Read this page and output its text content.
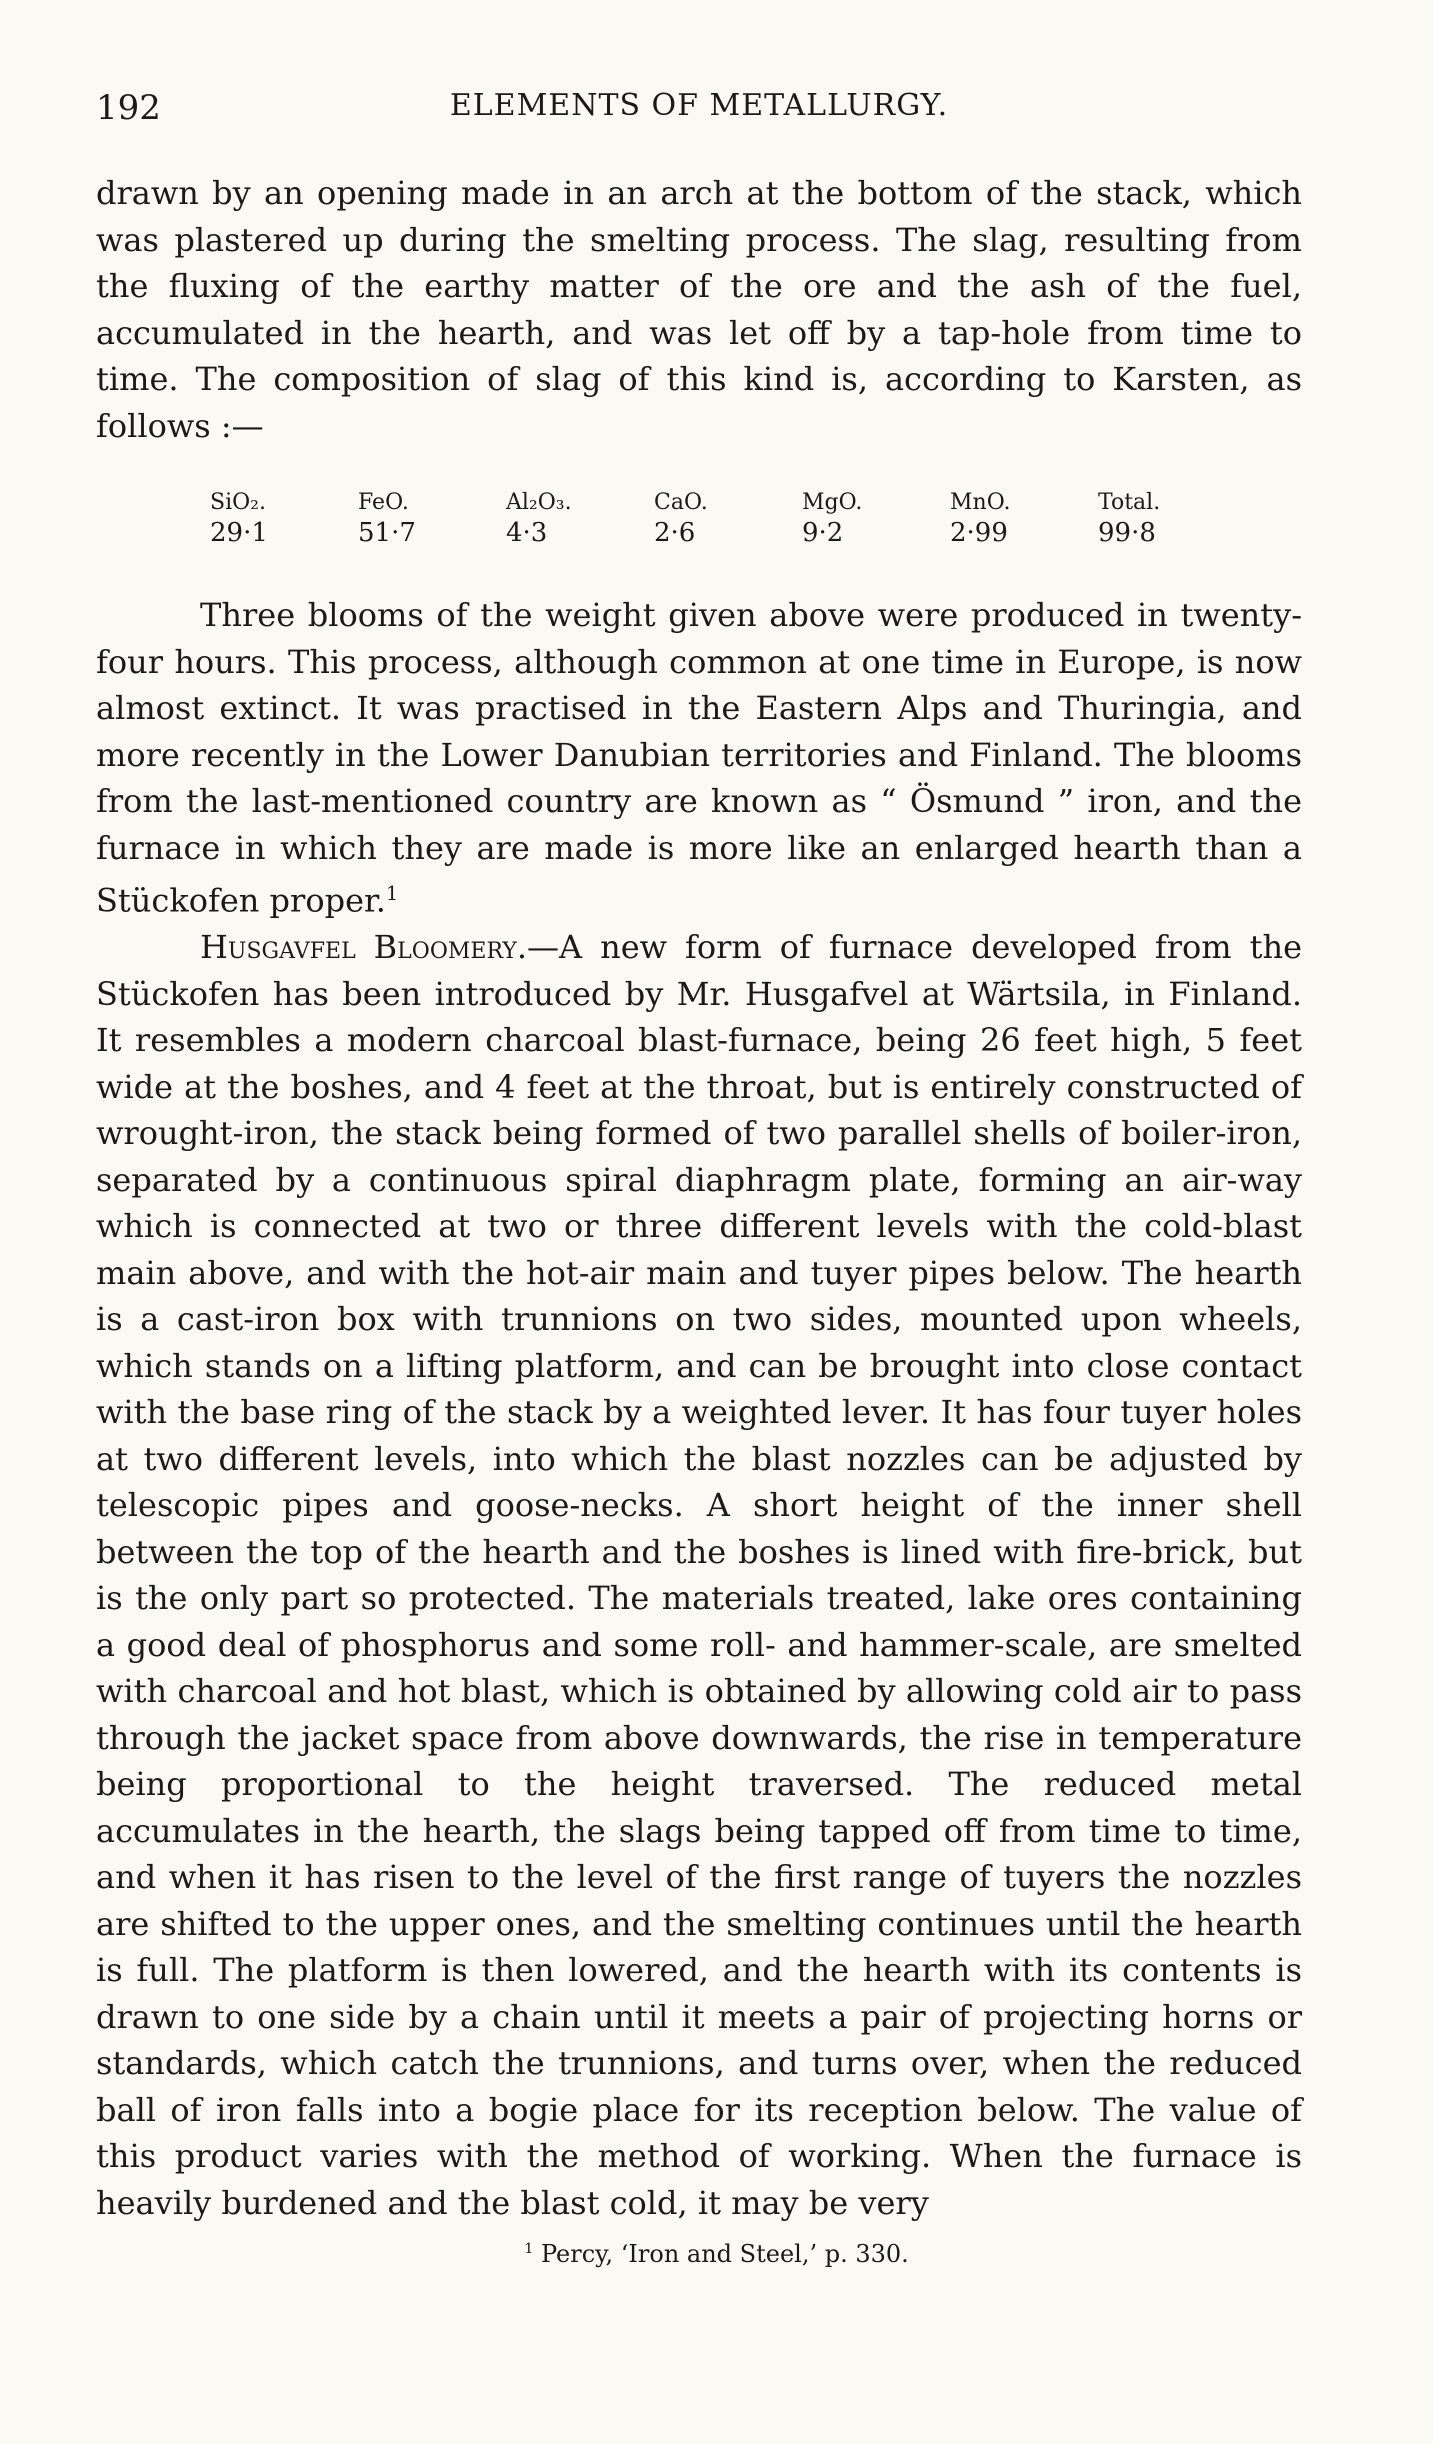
192	ELEMENTS OF METALLURGY.

drawn by an opening made in an arch at the bottom of the stack, which was plastered up during the smelting process. The slag, resulting from the fluxing of the earthy matter of the ore and the ash of the fuel, accumulated in the hearth, and was let off by a tap-hole from time to time. The composition of slag of this kind is, according to Karsten, as follows :—

SiO₂.	FeO.	Al₂O₃.	CaO.	MgO.	MnO.	Total.
29·1	51·7	4·3	2·6	9·2	2·99	99·8

Three blooms of the weight given above were produced in twenty-four hours. This process, although common at one time in Europe, is now almost extinct. It was practised in the Eastern Alps and Thuringia, and more recently in the Lower Danubian territories and Finland. The blooms from the last-mentioned country are known as “ Ösmund ” iron, and the furnace in which they are made is more like an enlarged hearth than a Stückofen proper.$^1$

Husgavfel Bloomery.—A new form of furnace developed from the Stückofen has been introduced by Mr. Husgafvel at Wärtsila, in Finland. It resembles a modern charcoal blast-furnace, being 26 feet high, 5 feet wide at the boshes, and 4 feet at the throat, but is entirely constructed of wrought-iron, the stack being formed of two parallel shells of boiler-iron, separated by a continuous spiral diaphragm plate, forming an air-way which is connected at two or three different levels with the cold-blast main above, and with the hot-air main and tuyer pipes below. The hearth is a cast-iron box with trunnions on two sides, mounted upon wheels, which stands on a lifting platform, and can be brought into close contact with the base ring of the stack by a weighted lever. It has four tuyer holes at two different levels, into which the blast nozzles can be adjusted by telescopic pipes and goose-necks. A short height of the inner shell between the top of the hearth and the boshes is lined with fire-brick, but is the only part so protected. The materials treated, lake ores containing a good deal of phosphorus and some roll- and hammer-scale, are smelted with charcoal and hot blast, which is obtained by allowing cold air to pass through the jacket space from above downwards, the rise in temperature being proportional to the height traversed. The reduced metal accumulates in the hearth, the slags being tapped off from time to time, and when it has risen to the level of the first range of tuyers the nozzles are shifted to the upper ones, and the smelting continues until the hearth is full. The platform is then lowered, and the hearth with its contents is drawn to one side by a chain until it meets a pair of projecting horns or standards, which catch the trunnions, and turns over, when the reduced ball of iron falls into a bogie place for its reception below. The value of this product varies with the method of working. When the furnace is heavily burdened and the blast cold, it may be very

$^1$ Percy, ‘Iron and Steel,’ p. 330.
